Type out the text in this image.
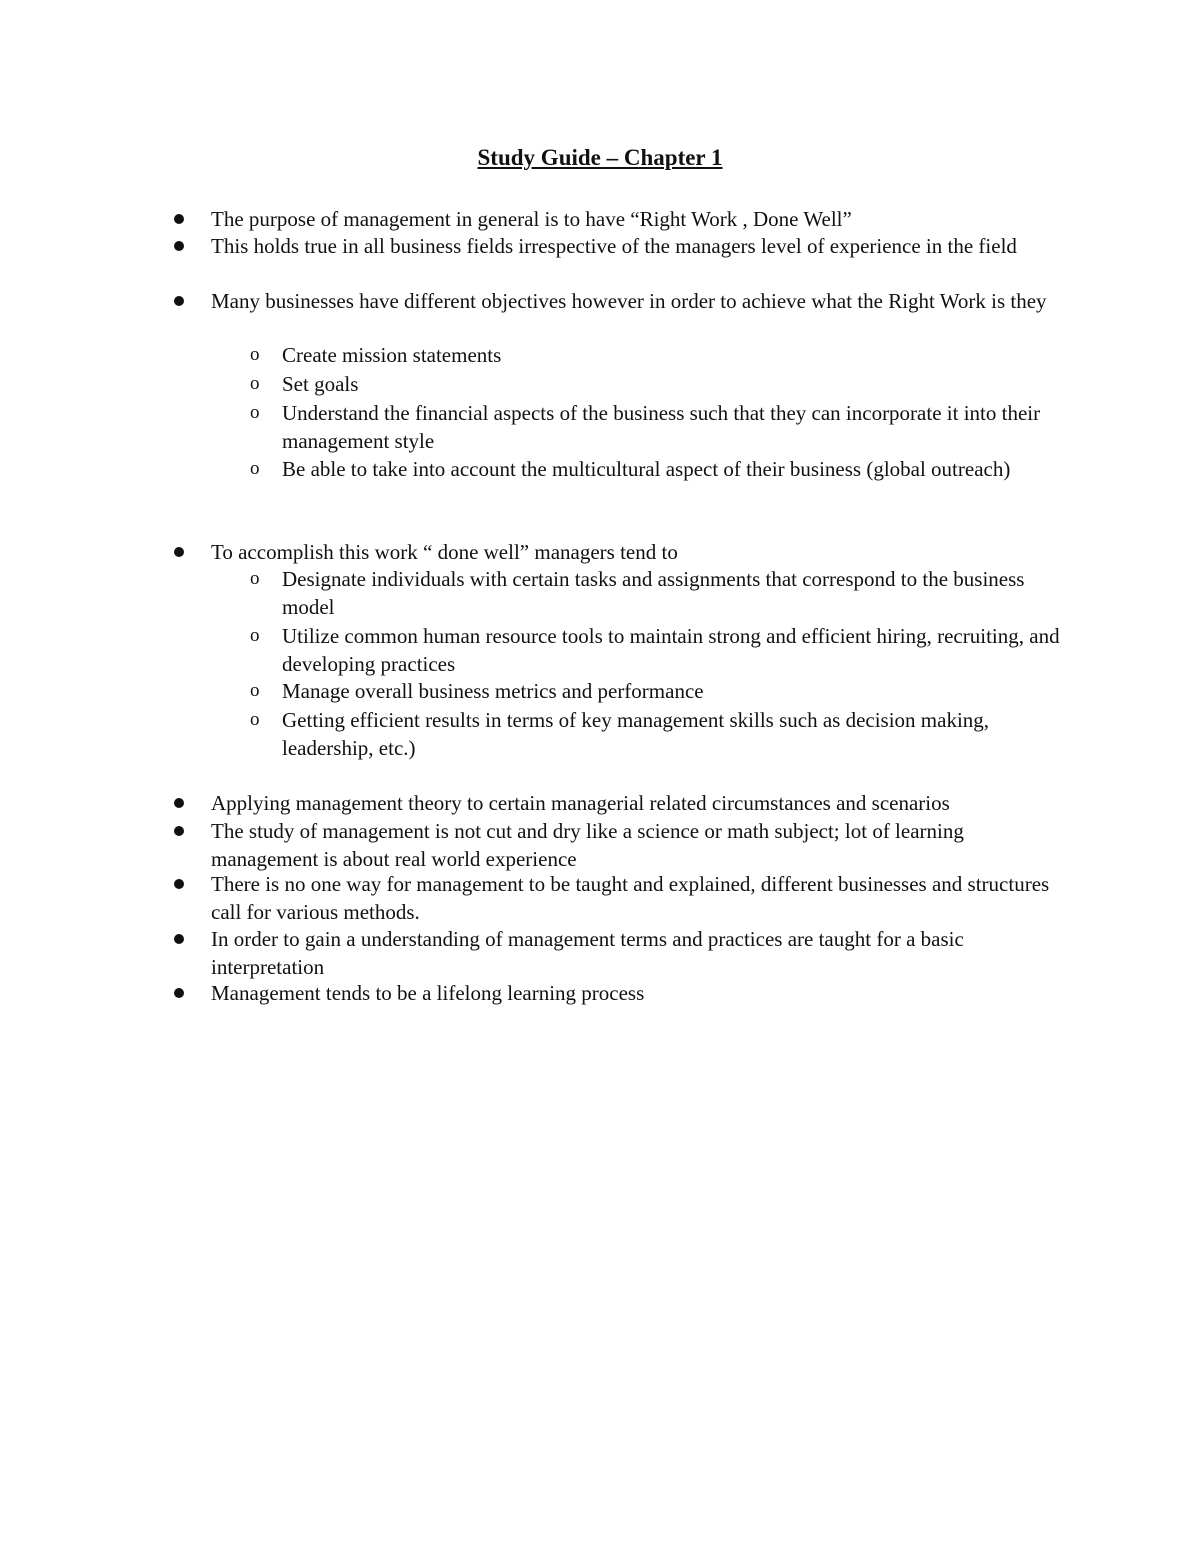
Study Guide – Chapter 1
The purpose of management in general is to have “Right Work , Done Well”
This holds true in all business fields irrespective of the managers level of experience in the field
Many businesses have different objectives however in order to achieve what the Right Work is they
o Create mission statements
o Set goals
o Understand the financial aspects of the business such that they can incorporate it into their management style
o Be able to take into account the multicultural aspect of their business (global outreach)
To accomplish this work “ done well” managers tend to
o Designate individuals with certain tasks and assignments that correspond to the business model
o Utilize common human resource tools to maintain strong and efficient hiring, recruiting, and developing practices
o Manage overall business metrics and performance
o Getting efficient results in terms of key management skills such as decision making, leadership, etc.)
Applying management theory to certain managerial related circumstances and scenarios
The study of management is not cut and dry like a science or math subject; lot of learning management is about real world experience
There is no one way for management to be taught and explained, different businesses and structures call for various methods.
In order to gain a understanding of management terms and practices are taught for a basic interpretation
Management tends to be a lifelong learning process
